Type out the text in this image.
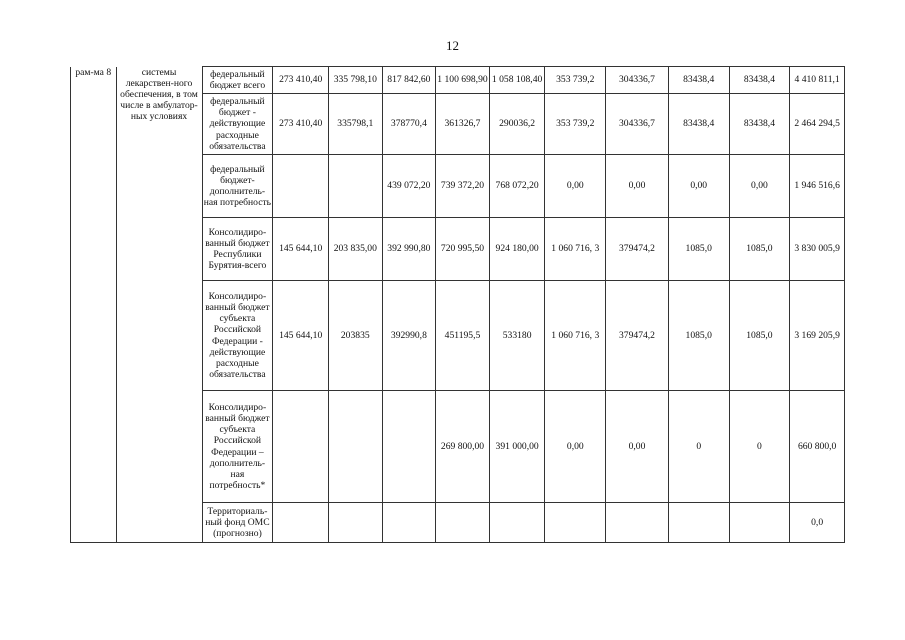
12
рам-ма 8	системы лекарствен-ного обеспечения, в том числе в амбулатор-ных условиях	федеральный бюджет всего	273 410,40	335 798,10	817 842,60	1 100 698,90	1 058 108,40	353 739,2	304336,7	83438,4	83438,4	4 410 811,1
		федеральный бюджет - действующие расходные обязательства	273 410,40	335798,1	378770,4	361326,7	290036,2	353 739,2	304336,7	83438,4	83438,4	2 464 294,5
		федеральный бюджет-дополнитель-ная потребность			439 072,20	739 372,20	768 072,20	0,00	0,00	0,00	0,00	1 946 516,6
		Консолидиро-ванный бюджет Республики Бурятия-всего	145 644,10	203 835,00	392 990,80	720 995,50	924 180,00	1 060 716, 3	379474,2	1085,0	1085,0	3 830 005,9
		Консолидиро-ванный бюджет субъекта Российской Федерации - действующие расходные обязательства	145 644,10	203835	392990,8	451195,5	533180	1 060 716, 3	379474,2	1085,0	1085,0	3 169 205,9
		Консолидиро-ванный бюджет субъекта Российской Федерации – дополнитель-ная потребность*				269 800,00	391 000,00	0,00	0,00	0	0	660 800,0
		Территориаль-ный фонд ОМС (прогнозно)										0,0
